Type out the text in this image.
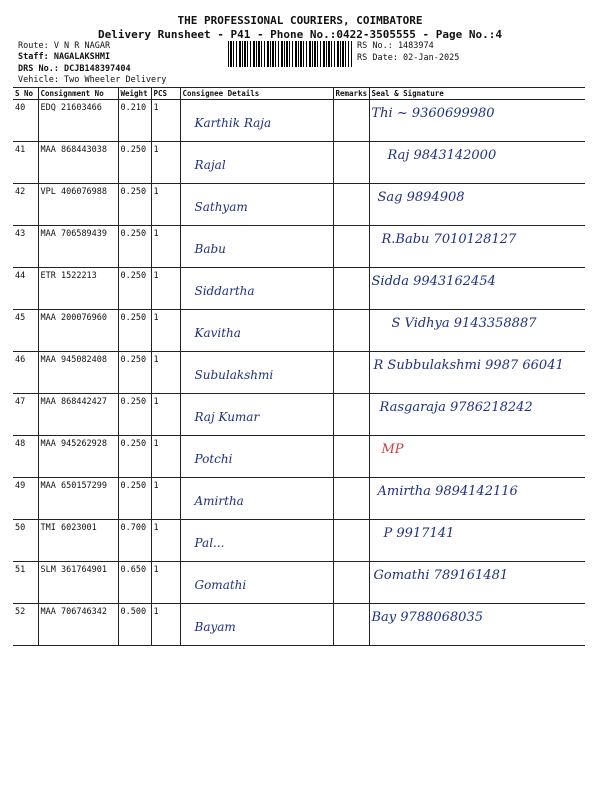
THE PROFESSIONAL COURIERS, COIMBATORE
Delivery Runsheet - P41 - Phone No.:0422-3505555 - Page No.:4
Route: V N R NAGAR
Staff: NAGALAKSHMI
DRS No.: DCJB148397404
Vehicle: Two Wheeler Delivery
RS No.: 1483974
RS Date: 02-Jan-2025
S No	Consignment No	Weight	PCS	Consignee Details	Remarks	Seal & Signature
40	EDQ 21603466	0.210	1	Karthik Raja		Thi ~ 9360699980

41	MAA 868443038	0.250	1	Rajal		Raj 9843142000

42	VPL 406076988	0.250	1	Sathyam		Sag 9894908

43	MAA 706589439	0.250	1	Babu		R.Babu 7010128127

44	ETR 1522213	0.250	1	Siddartha		Sidda 9943162454

45	MAA 200076960	0.250	1	Kavitha		S Vidhya 9143358887

46	MAA 945082408	0.250	1	Subulakshmi		R Subbulakshmi 9987 66041

47	MAA 868442427	0.250	1	Raj Kumar		Rasgaraja 9786218242

48	MAA 945262928	0.250	1	Potchi		MP

49	MAA 650157299	0.250	1	Amirtha		Amirtha 9894142116

50	TMI 6023001	0.700	1	Pal...		P 9917141

51	SLM 361764901	0.650	1	Gomathi		Gomathi 789161481

52	MAA 706746342	0.500	1	Bayam		Bay 9788068035
